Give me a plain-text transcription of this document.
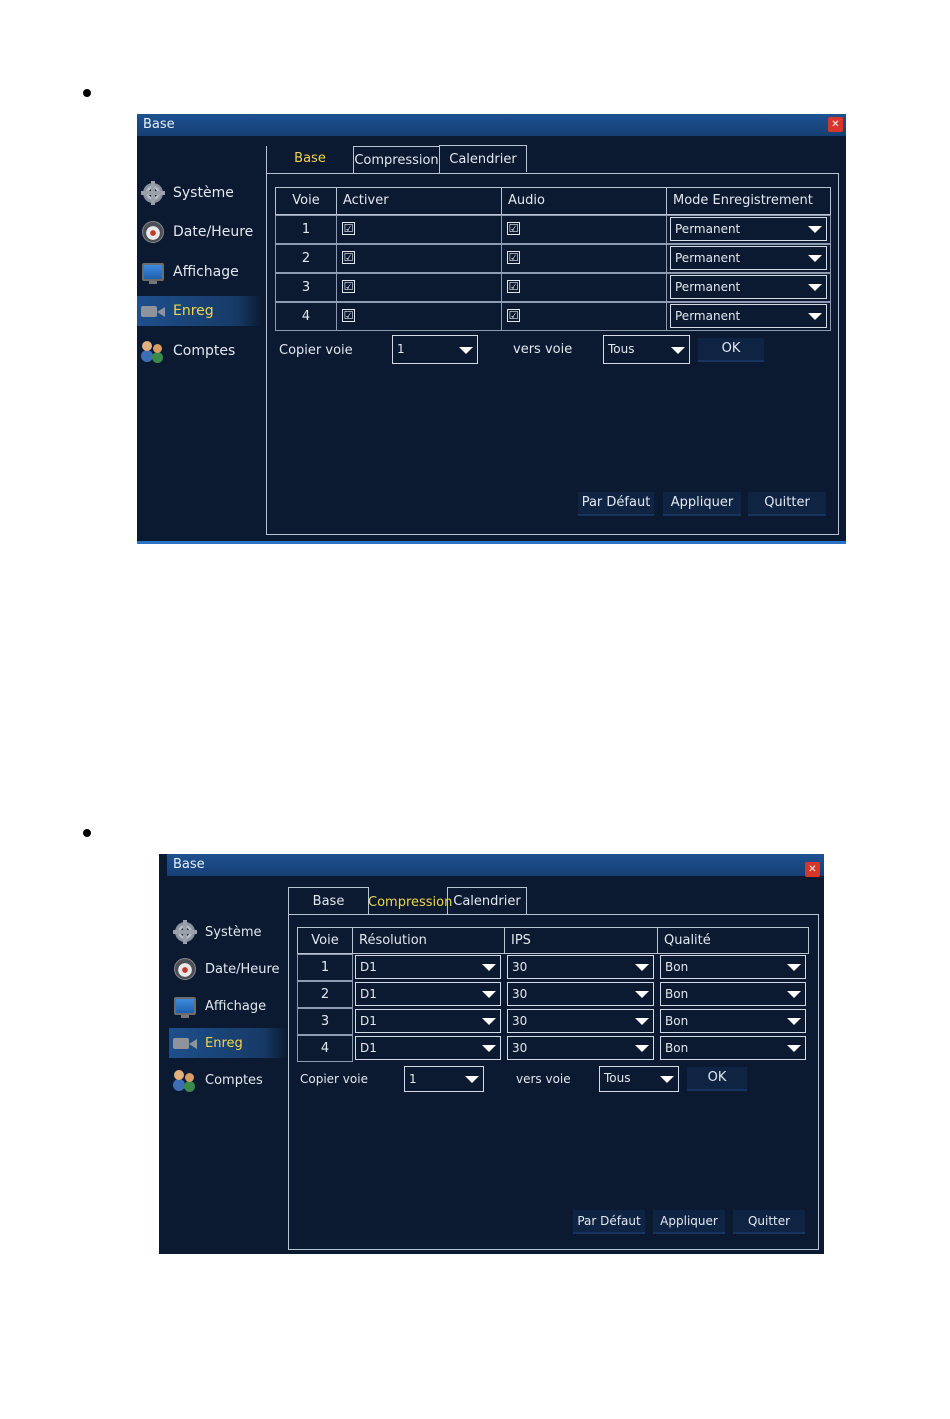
Base	✕
Système
Date/Heure
Affichage
Enreg
Comptes
Base	Compression Calendrier
Voie	Activer	Audio	Mode Enregistrement
1	☑	☑	Permanent
2	☑	☑	Permanent
3	☑	☑	Permanent
4	☑	☑	Permanent
Copier voie	1	vers voie	Tous	OK
Par Défaut	Appliquer	Quitter
Base	✕
Système
Date/Heure
Affichage
Enreg
Comptes
Base	Compression Calendrier
Voie	Résolution	IPS	Qualité
1	D1	30	Bon
2	D1	30	Bon
3	D1	30	Bon
4	D1	30	Bon
Copier voie	1	vers voie	Tous	OK
Par Défaut	Appliquer	Quitter
